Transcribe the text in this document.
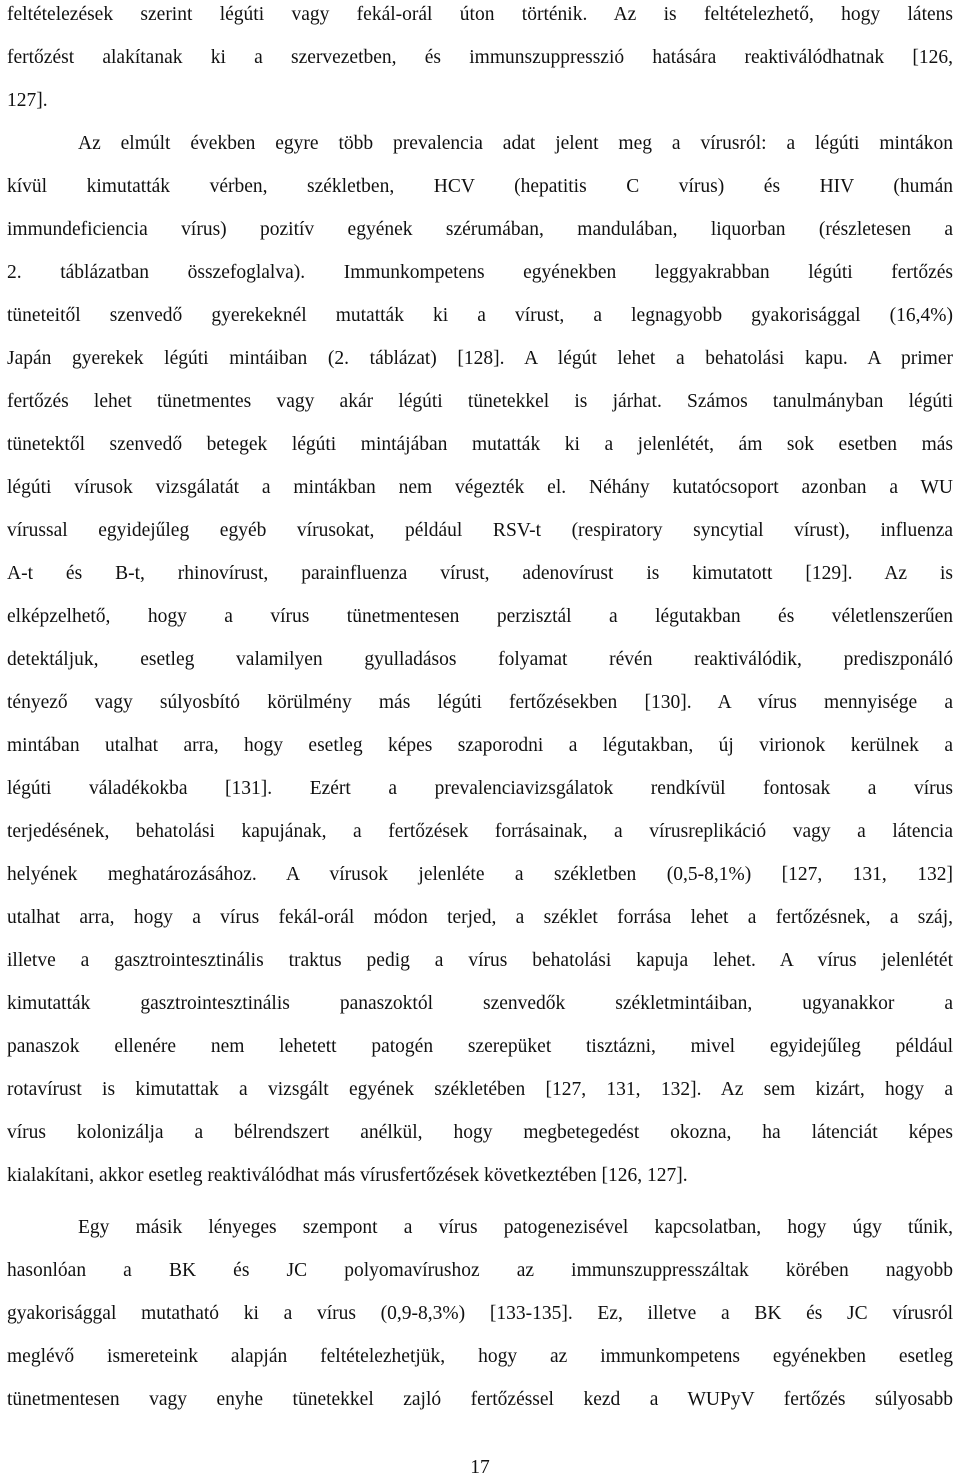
feltételezések szerint légúti vagy fekál-orál úton történik. Az is feltételezhető, hogy látens
fertőzést alakítanak ki a szervezetben, és immunszuppresszió hatására reaktiválódhatnak [126,
127].
Az elmúlt években egyre több prevalencia adat jelent meg a vírusról: a légúti mintákon
kívül kimutatták vérben, székletben, HCV (hepatitis C vírus) és HIV (humán
immundeficiencia vírus) pozitív egyének szérumában, mandulában, liquorban (részletesen a
2. táblázatban összefoglalva). Immunkompetens egyénekben leggyakrabban légúti fertőzés
tüneteitől szenvedő gyerekeknél mutatták ki a vírust, a legnagyobb gyakorisággal (16,4%)
Japán gyerekek légúti mintáiban (2. táblázat) [128]. A légút lehet a behatolási kapu. A primer
fertőzés lehet tünetmentes vagy akár légúti tünetekkel is járhat. Számos tanulmányban légúti
tünetektől szenvedő betegek légúti mintájában mutatták ki a jelenlétét, ám sok esetben más
légúti vírusok vizsgálatát a mintákban nem végezték el. Néhány kutatócsoport azonban a WU
vírussal egyidejűleg egyéb vírusokat, például RSV-t (respiratory syncytial vírust), influenza
A-t és B-t, rhinovírust, parainfluenza vírust, adenovírust is kimutatott [129]. Az is
elképzelhető, hogy a vírus tünetmentesen perzisztál a légutakban és véletlenszerűen
detektáljuk, esetleg valamilyen gyulladásos folyamat révén reaktiválódik, prediszponáló
tényező vagy súlyosbító körülmény más légúti fertőzésekben [130]. A vírus mennyisége a
mintában utalhat arra, hogy esetleg képes szaporodni a légutakban, új virionok kerülnek a
légúti váladékokba [131]. Ezért a prevalenciavizsgálatok rendkívül fontosak a vírus
terjedésének, behatolási kapujának, a fertőzések forrásainak, a vírusreplikáció vagy a látencia
helyének meghatározásához. A vírusok jelenléte a székletben (0,5-8,1%) [127, 131, 132]
utalhat arra, hogy a vírus fekál-orál módon terjed, a széklet forrása lehet a fertőzésnek, a száj,
illetve a gasztrointesztinális traktus pedig a vírus behatolási kapuja lehet. A vírus jelenlétét
kimutatták gasztrointesztinális panaszoktól szenvedők székletmintáiban, ugyanakkor a
panaszok ellenére nem lehetett patogén szerepüket tisztázni, mivel egyidejűleg például
rotavírust is kimutattak a vizsgált egyének székletében [127, 131, 132]. Az sem kizárt, hogy a
vírus kolonizálja a bélrendszert anélkül, hogy megbetegedést okozna, ha látenciát képes
kialakítani, akkor esetleg reaktiválódhat más vírusfertőzések következtében [126, 127].
Egy másik lényeges szempont a vírus patogenezisével kapcsolatban, hogy úgy tűnik,
hasonlóan a BK és JC polyomavírushoz az immunszuppresszáltak körében nagyobb
gyakorisággal mutatható ki a vírus (0,9-8,3%) [133-135]. Ez, illetve a BK és JC vírusról
meglévő ismereteink alapján feltételezhetjük, hogy az immunkompetens egyénekben esetleg
tünetmentesen vagy enyhe tünetekkel zajló fertőzéssel kezd a WUPyV fertőzés súlyosabb
17
